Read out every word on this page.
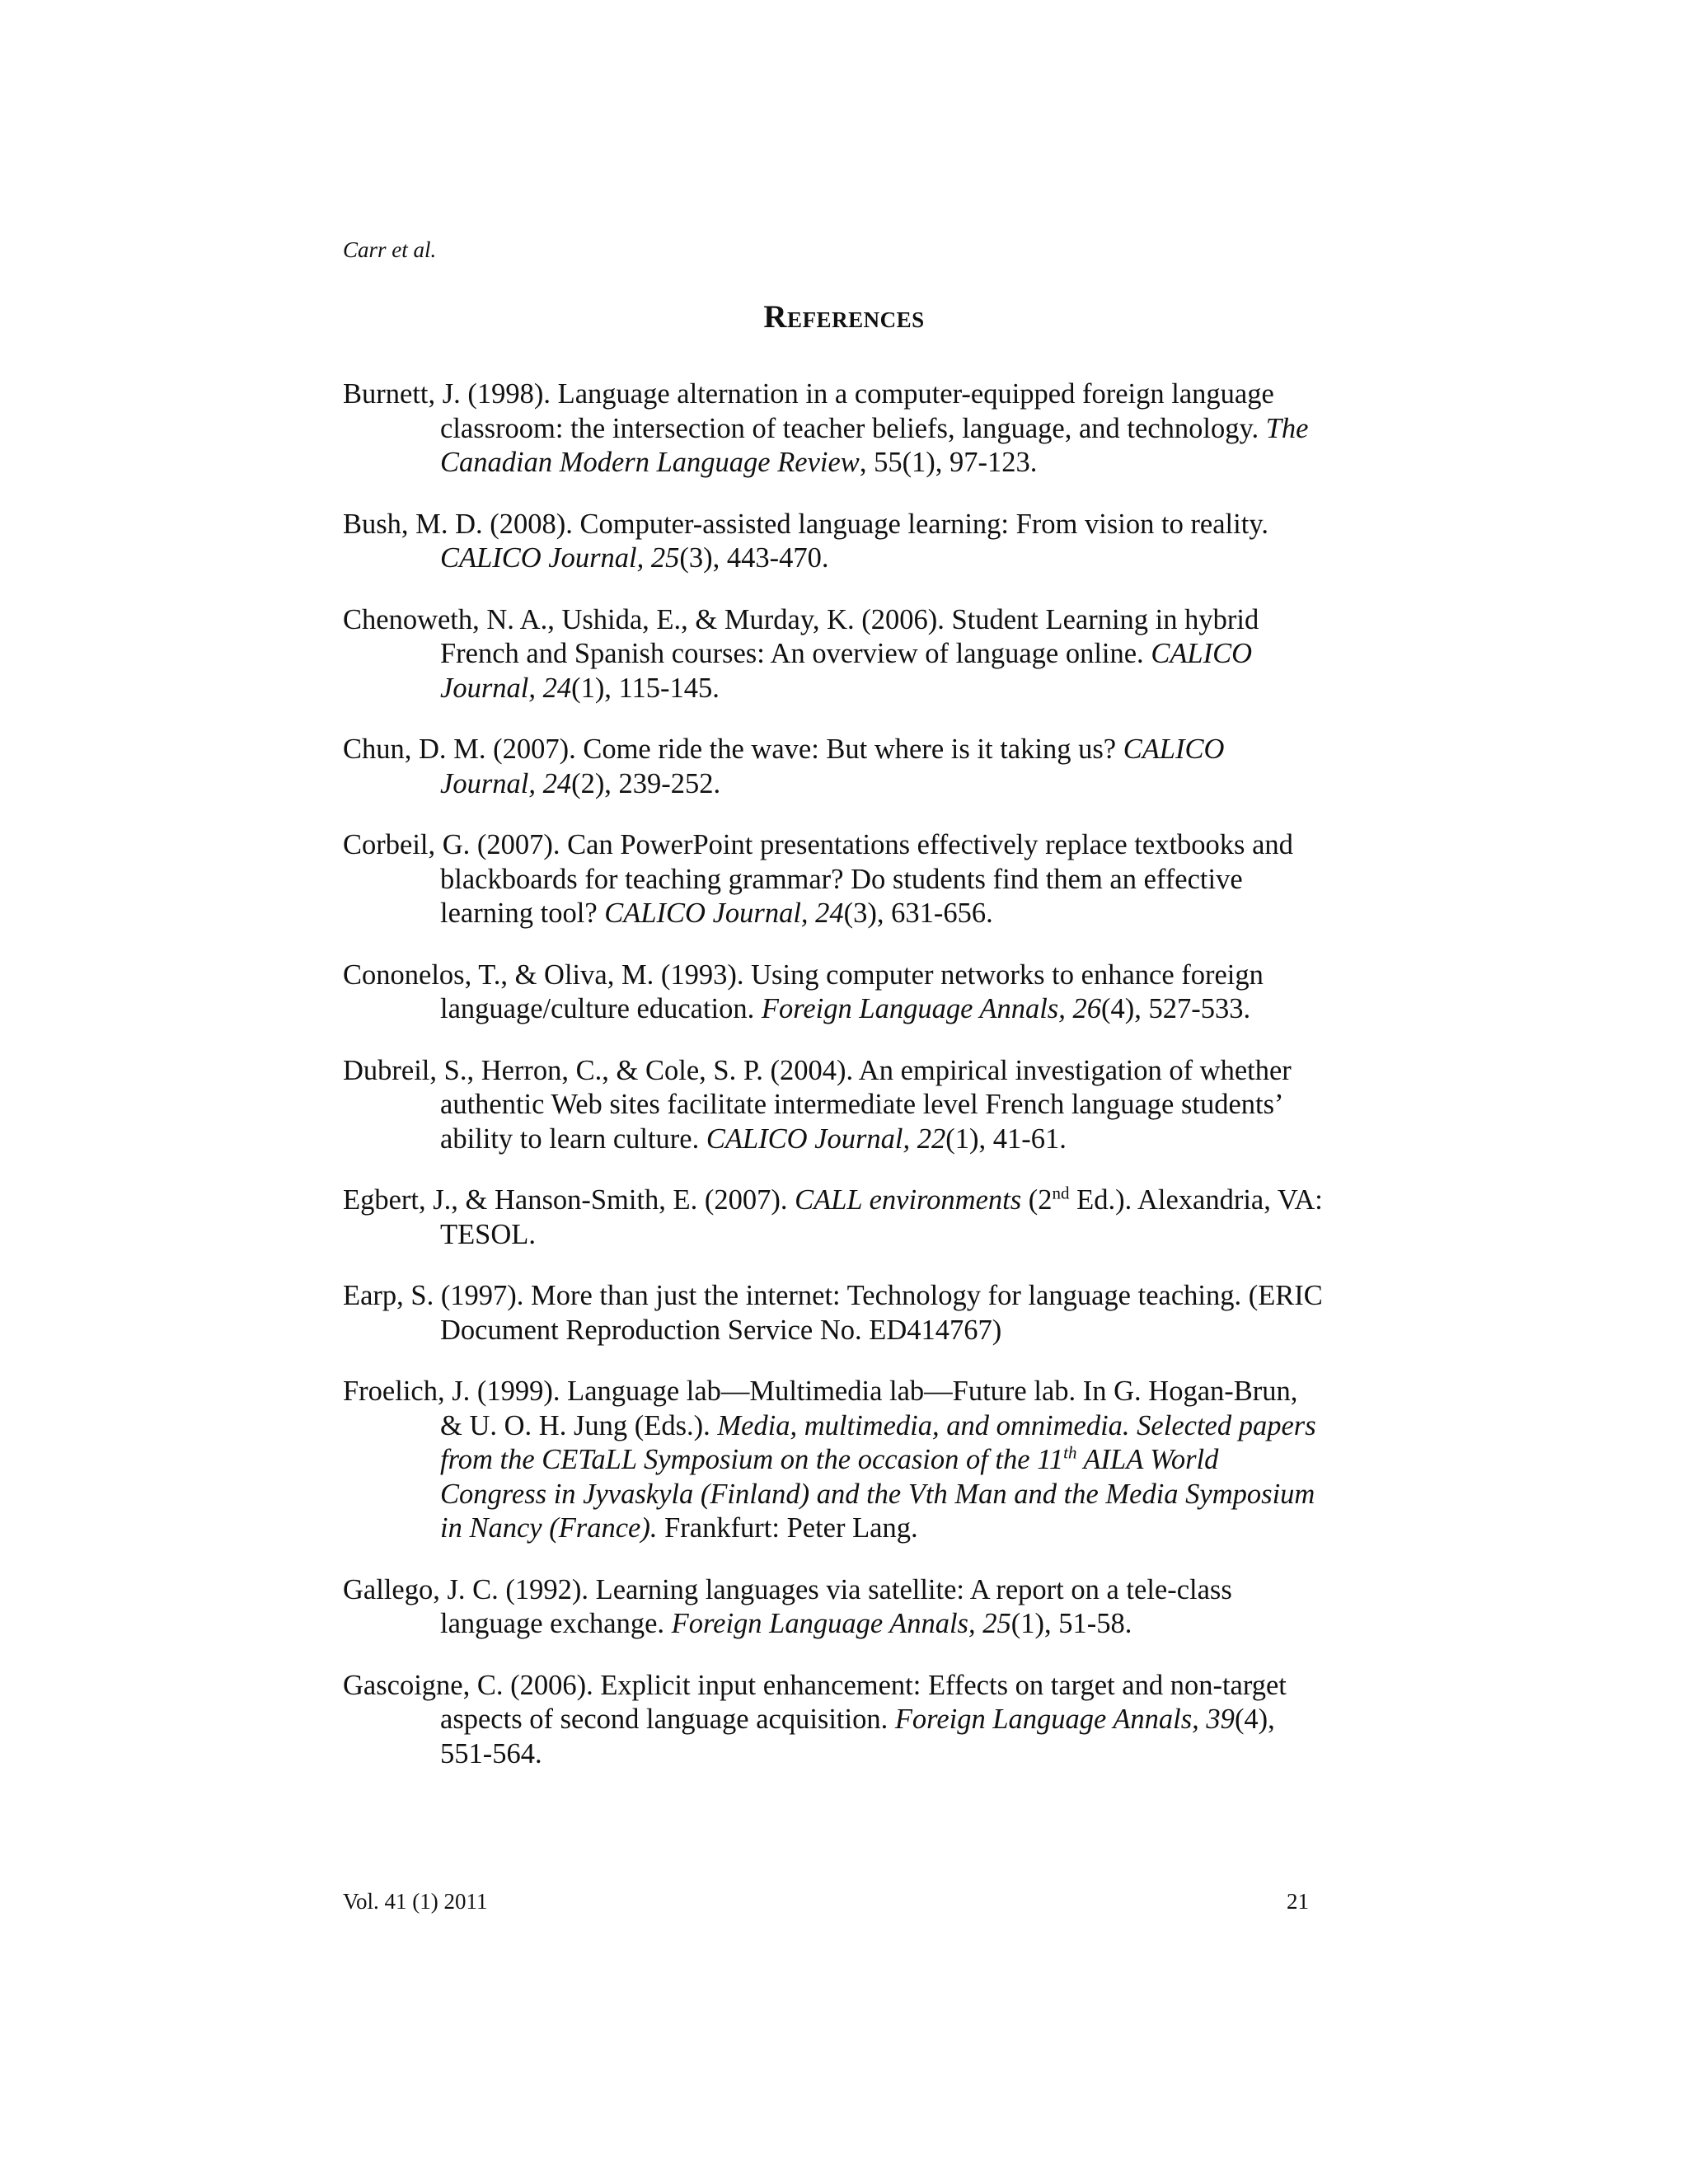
Carr et al.
References
Burnett, J. (1998). Language alternation in a computer-equipped foreign language classroom: the intersection of teacher beliefs, language, and technology. The Canadian Modern Language Review, 55(1), 97-123.
Bush, M. D. (2008). Computer-assisted language learning: From vision to reality. CALICO Journal, 25(3), 443-470.
Chenoweth, N. A., Ushida, E., & Murday, K. (2006). Student Learning in hybrid French and Spanish courses: An overview of language online. CALICO Journal, 24(1), 115-145.
Chun, D. M. (2007). Come ride the wave: But where is it taking us? CALICO Journal, 24(2), 239-252.
Corbeil, G. (2007). Can PowerPoint presentations effectively replace textbooks and blackboards for teaching grammar? Do students find them an effective learning tool? CALICO Journal, 24(3), 631-656.
Cononelos, T., & Oliva, M. (1993). Using computer networks to enhance foreign language/culture education. Foreign Language Annals, 26(4), 527-533.
Dubreil, S., Herron, C., & Cole, S. P. (2004). An empirical investigation of whether authentic Web sites facilitate intermediate level French language students’ ability to learn culture. CALICO Journal, 22(1), 41-61.
Egbert, J., & Hanson-Smith, E. (2007). CALL environments (2nd Ed.). Alexandria, VA: TESOL.
Earp, S. (1997). More than just the internet: Technology for language teaching. (ERIC Document Reproduction Service No. ED414767)
Froelich, J. (1999). Language lab—Multimedia lab—Future lab. In G. Hogan-Brun, & U. O. H. Jung (Eds.). Media, multimedia, and omnimedia. Selected papers from the CETaLL Symposium on the occasion of the 11th AILA World Congress in Jyvaskyla (Finland) and the Vth Man and the Media Symposium in Nancy (France). Frankfurt: Peter Lang.
Gallego, J. C. (1992). Learning languages via satellite: A report on a tele-class language exchange. Foreign Language Annals, 25(1), 51-58.
Gascoigne, C. (2006). Explicit input enhancement: Effects on target and non-target aspects of second language acquisition. Foreign Language Annals, 39(4), 551-564.
Vol. 41 (1) 2011	21
